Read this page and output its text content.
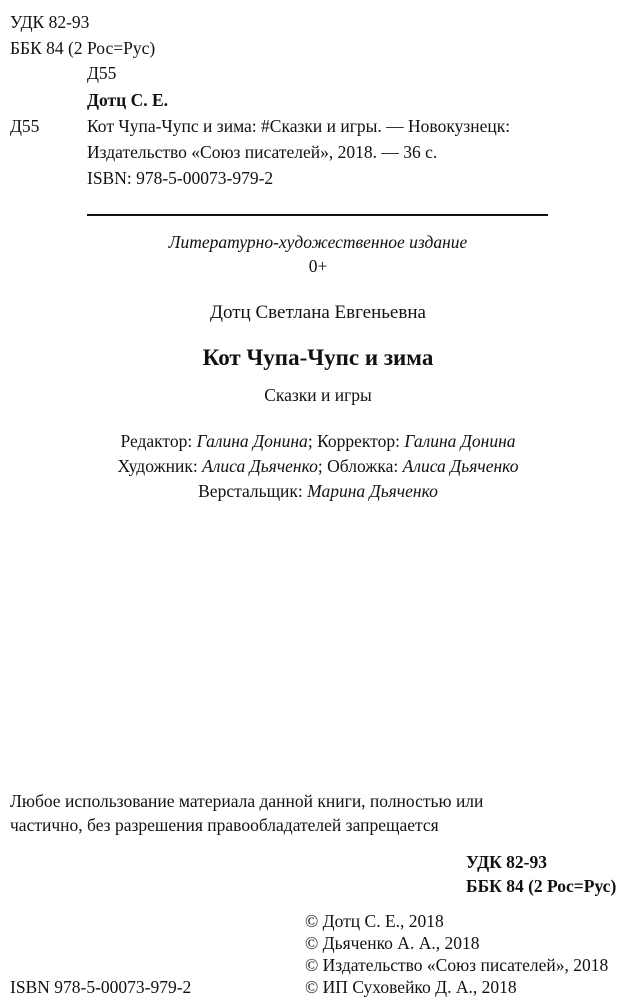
УДК 82-93
ББК 84 (2 Рос=Рус)
Д55
Дотц С. Е.
Д55	Кот Чупа-Чупс и зима: #Сказки и игры. — Новокузнецк:
Издательство «Союз писателей», 2018. — 36 с.
ISBN: 978-5-00073-979-2
Литературно-художественное издание
0+
Дотц Светлана Евгеньевна
Кот Чупа-Чупс и зима
Сказки и игры
Редактор: Галина Донина; Корректор: Галина Донина
Художник: Алиса Дьяченко; Обложка: Алиса Дьяченко
Верстальщик: Марина Дьяченко
Любое использование материала данной книги, полностью или
частично, без разрешения правообладателей запрещается
УДК 82-93
ББК 84 (2 Рос=Рус)
© Дотц С. Е., 2018
© Дьяченко А. А., 2018
© Издательство «Союз писателей», 2018
© ИП Суховейко Д. А., 2018
ISBN 978-5-00073-979-2
